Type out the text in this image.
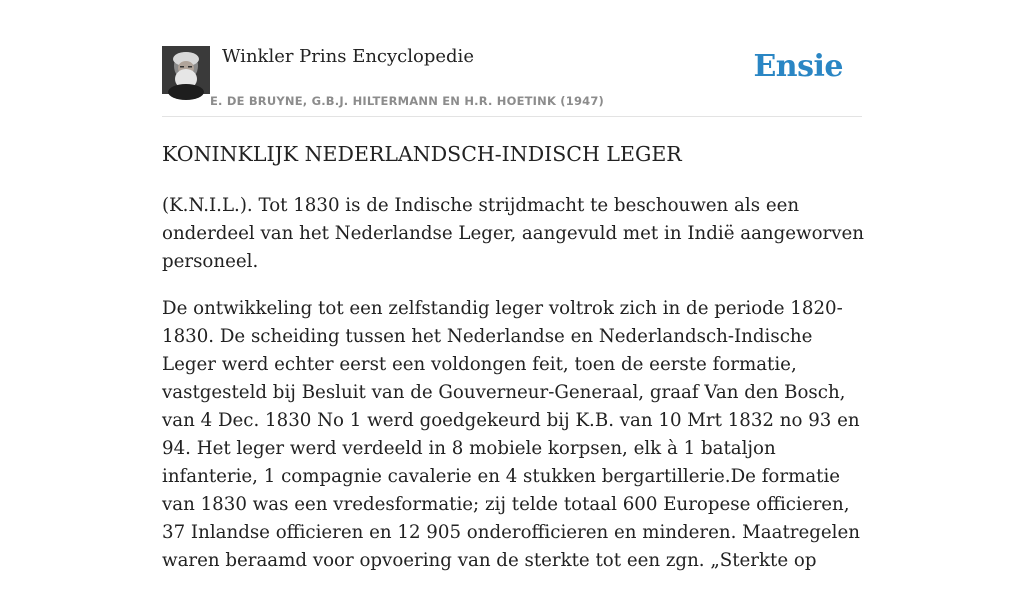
Winkler Prins Encyclopedie
E. DE BRUYNE, G.B.J. HILTERMANN EN H.R. HOETINK (1947)
Ensie
KONINKLIJK NEDERLANDSCH-INDISCH LEGER

(K.N.I.L.). Tot 1830 is de Indische strijdmacht te beschouwen als een onderdeel van het Nederlandse Leger, aangevuld met in Indië aangeworven personeel.

De ontwikkeling tot een zelfstandig leger voltrok zich in de periode 1820-1830. De scheiding tussen het Nederlandse en Nederlandsch-Indische Leger werd echter eerst een voldongen feit, toen de eerste formatie, vastgesteld bij Besluit van de Gouverneur-Generaal, graaf Van den Bosch, van 4 Dec. 1830 No 1 werd goedgekeurd bij K.B. van 10 Mrt 1832 no 93 en 94. Het leger werd verdeeld in 8 mobiele korpsen, elk à 1 bataljon infanterie, 1 compagnie cavalerie en 4 stukken bergartillerie.De formatie van 1830 was een vredesformatie; zij telde totaal 600 Europese officieren, 37 Inlandse officieren en 12 905 onderofficieren en minderen. Maatregelen waren beraamd voor opvoering van de sterkte tot een zgn. „Sterkte op
